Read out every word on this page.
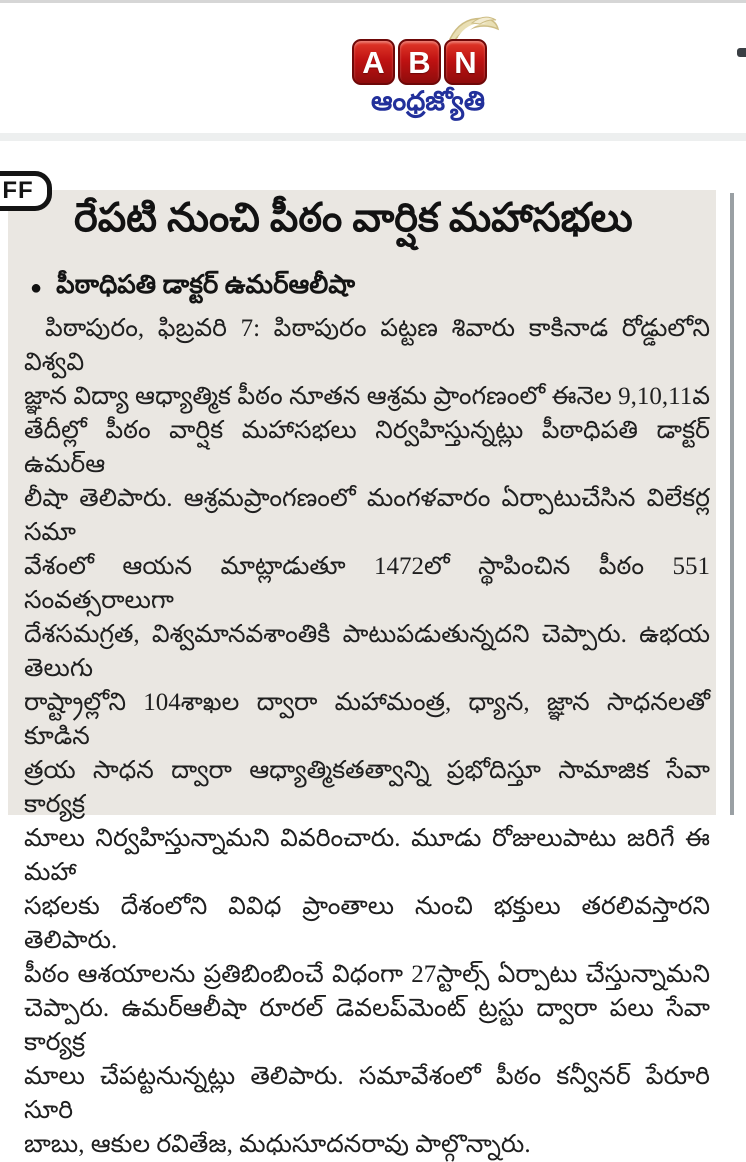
A B N
ఆంధ్రజ్యోతి
FF
రేపటి నుంచి పీఠం వార్షిక మహాసభలు
● పీఠాధిపతి డాక్టర్ ఉమర్ఆలీషా
పిఠాపురం, ఫిబ్రవరి 7: పిఠాపురం పట్టణ శివారు కాకినాడ రోడ్డులోని విశ్వవి
జ్ఞాన విద్యా ఆధ్యాత్మిక పీఠం నూతన ఆశ్రమ ప్రాంగణంలో ఈనెల 9,10,11వ
తేదీల్లో పీఠం వార్షిక మహాసభలు నిర్వహిస్తున్నట్లు పీఠాధిపతి డాక్టర్ ఉమర్ఆ
లీషా తెలిపారు. ఆశ్రమప్రాంగణంలో మంగళవారం ఏర్పాటుచేసిన విలేకర్ల సమా
వేశంలో ఆయన మాట్లాడుతూ 1472లో స్థాపించిన పీఠం 551 సంవత్సరాలుగా
దేశసమగ్రత, విశ్వమానవశాంతికి పాటుపడుతున్నదని చెప్పారు. ఉభయ తెలుగు
రాష్ట్రాల్లోని 104శాఖల ద్వారా మహామంత్ర, ధ్యాన, జ్ఞాన సాధనలతో కూడిన
త్రయ సాధన ద్వారా ఆధ్యాత్మికతత్వాన్ని ప్రభోదిస్తూ సామాజిక సేవా కార్యక్ర
మాలు నిర్వహిస్తున్నామని వివరించారు. మూడు రోజులుపాటు జరిగే ఈ మహా
సభలకు దేశంలోని వివిధ ప్రాంతాలు నుంచి భక్తులు తరలివస్తారని తెలిపారు.
పీఠం ఆశయాలను ప్రతిబింబించే విధంగా 27స్టాల్స్ ఏర్పాటు చేస్తున్నామని
చెప్పారు. ఉమర్ఆలీషా రూరల్ డెవలప్‌మెంట్ ట్రస్టు ద్వారా పలు సేవా కార్యక్ర
మాలు చేపట్టనున్నట్లు తెలిపారు. సమావేశంలో పీఠం కన్వీనర్ పేరూరి సూరి
బాబు, ఆకుల రవితేజ, మధుసూదనరావు పాల్గొన్నారు.
